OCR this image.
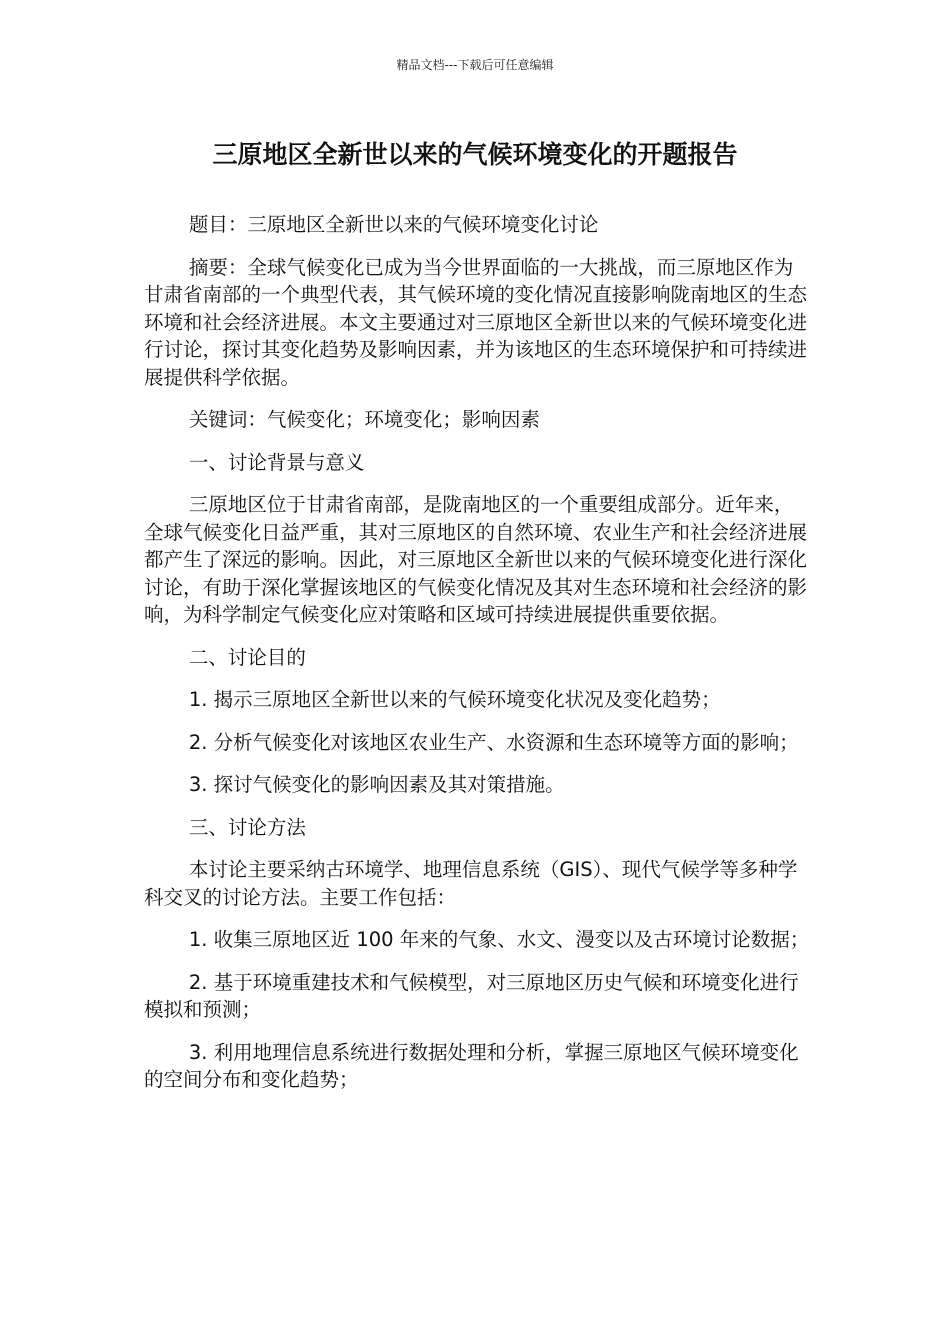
精品文档---下载后可任意编辑
三原地区全新世以来的气候环境变化的开题报告

题目：三原地区全新世以来的气候环境变化讨论

摘要：全球气候变化已成为当今世界面临的一大挑战，而三原地区作为甘肃省南部的一个典型代表，其气候环境的变化情况直接影响陇南地区的生态环境和社会经济进展。本文主要通过对三原地区全新世以来的气候环境变化进行讨论，探讨其变化趋势及影响因素，并为该地区的生态环境保护和可持续进展提供科学依据。

关键词：气候变化；环境变化；影响因素

一、讨论背景与意义

三原地区位于甘肃省南部，是陇南地区的一个重要组成部分。近年来，全球气候变化日益严重，其对三原地区的自然环境、农业生产和社会经济进展都产生了深远的影响。因此，对三原地区全新世以来的气候环境变化进行深化讨论，有助于深化掌握该地区的气候变化情况及其对生态环境和社会经济的影响，为科学制定气候变化应对策略和区域可持续进展提供重要依据。

二、讨论目的

1. 揭示三原地区全新世以来的气候环境变化状况及变化趋势；

2. 分析气候变化对该地区农业生产、水资源和生态环境等方面的影响；

3. 探讨气候变化的影响因素及其对策措施。

三、讨论方法

本讨论主要采纳古环境学、地理信息系统（GIS）、现代气候学等多种学科交叉的讨论方法。主要工作包括：

1. 收集三原地区近 100 年来的气象、水文、漫变以及古环境讨论数据；

2. 基于环境重建技术和气候模型，对三原地区历史气候和环境变化进行模拟和预测；

3. 利用地理信息系统进行数据处理和分析，掌握三原地区气候环境变化的空间分布和变化趋势；
